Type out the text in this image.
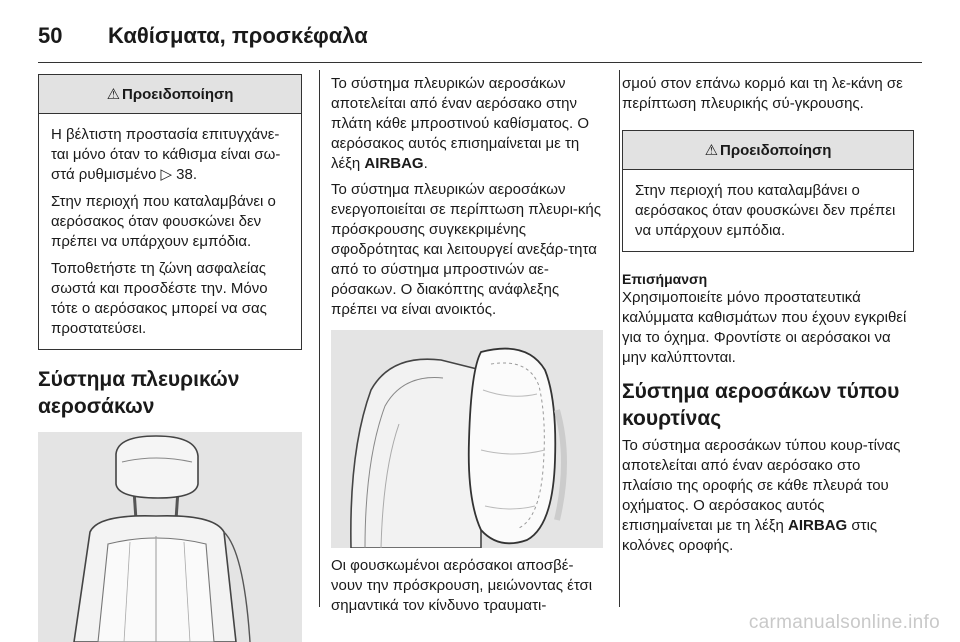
50	Καθίσματα, προσκέφαλα
⚠ Προειδοποίηση

Η βέλτιστη προστασία επιτυγχάνε-ται μόνο όταν το κάθισμα είναι σω-στά ρυθμισμένο ▷ 38.

Στην περιοχή που καταλαμβάνει ο αερόσακος όταν φουσκώνει δεν πρέπει να υπάρχουν εμπόδια.

Τοποθετήστε τη ζώνη ασφαλείας σωστά και προσδέστε την. Μόνο τότε ο αερόσακος μπορεί να σας προστατεύσει.

Σύστημα πλευρικών αεροσάκων

Το σύστημα πλευρικών αεροσάκων αποτελείται από έναν αερόσακο στην πλάτη κάθε μπροστινού καθίσματος. Ο αερόσακος αυτός επισημαίνεται με τη λέξη AIRBAG.

Το σύστημα πλευρικών αεροσάκων ενεργοποιείται σε περίπτωση πλευρι-κής πρόσκρουσης συγκεκριμένης σφοδρότητας και λειτουργεί ανεξάρ-τητα από το σύστημα μπροστινών αε-ρόσακων. Ο διακόπτης ανάφλεξης πρέπει να είναι ανοικτός.

Οι φουσκωμένοι αερόσακοι αποσβέ-νουν την πρόσκρουση, μειώνοντας έτσι σημαντικά τον κίνδυνο τραυματι-

σμού στον επάνω κορμό και τη λε-κάνη σε περίπτωση πλευρικής σύ-γκρουσης.

⚠ Προειδοποίηση

Στην περιοχή που καταλαμβάνει ο αερόσακος όταν φουσκώνει δεν πρέπει να υπάρχουν εμπόδια.

Επισήμανση
Χρησιμοποιείτε μόνο προστατευτικά καλύμματα καθισμάτων που έχουν εγκριθεί για το όχημα. Φροντίστε οι αερόσακοι να μην καλύπτονται.
Σύστημα αεροσάκων τύπου κουρτίνας

Το σύστημα αεροσάκων τύπου κουρ-τίνας αποτελείται από έναν αερόσακο στο πλαίσιο της οροφής σε κάθε πλευρά του οχήματος. Ο αερόσακος αυτός επισημαίνεται με τη λέξη AIRBAG στις κολόνες οροφής.

carmanualsonline.info
